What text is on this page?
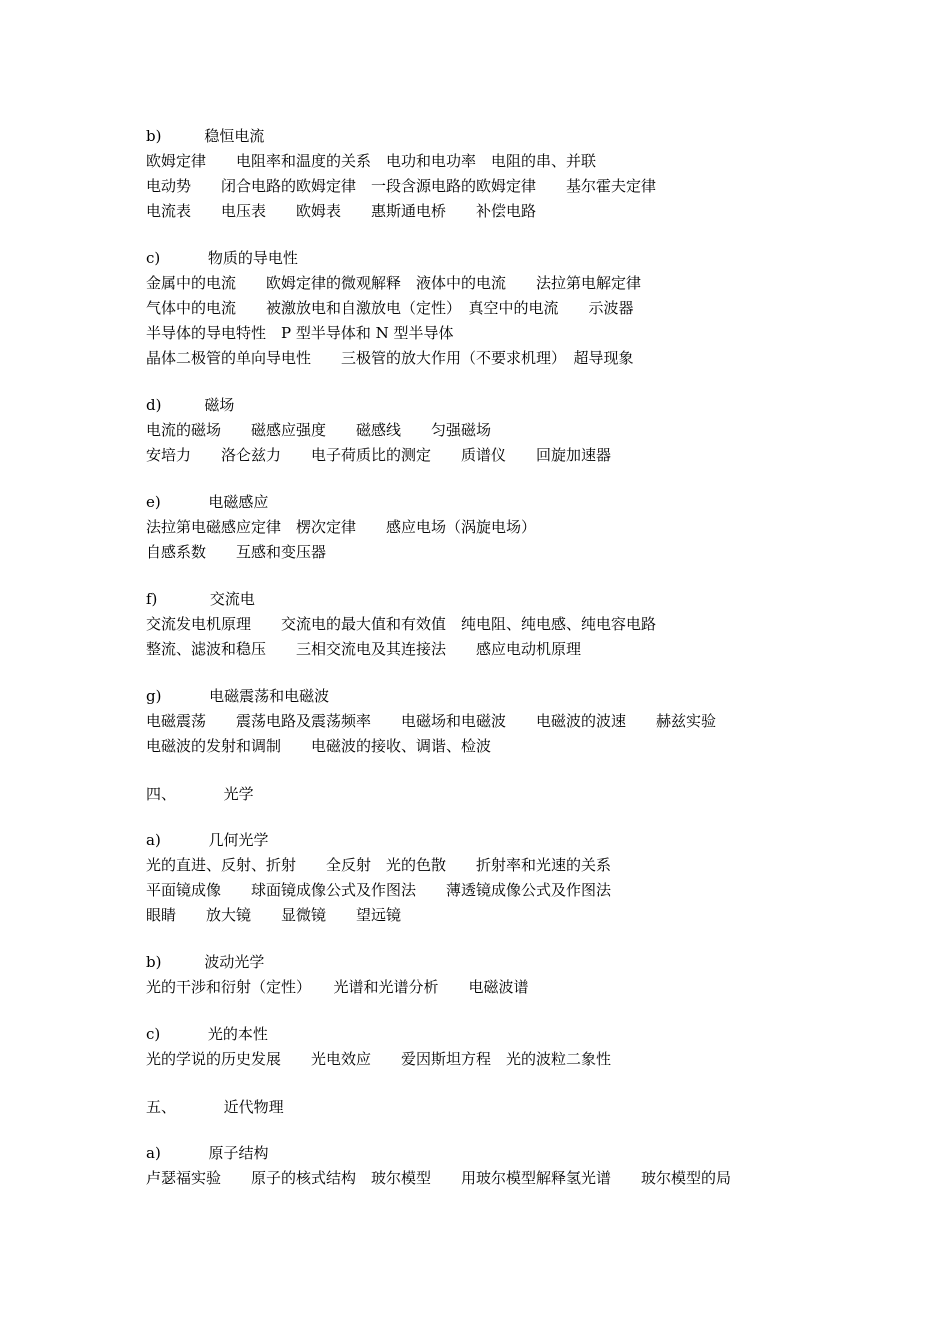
b)         稳恒电流
欧姆定律　　电阻率和温度的关系　电功和电功率　电阻的串、并联
电动势　　闭合电路的欧姆定律　一段含源电路的欧姆定律　　基尔霍夫定律
电流表　　电压表　　欧姆表　　惠斯通电桥　　补偿电路
c)          物质的导电性
金属中的电流　　欧姆定律的微观解释　液体中的电流　　法拉第电解定律
气体中的电流　　被激放电和自激放电（定性）　真空中的电流　　示波器
半导体的导电特性　P 型半导体和 N 型半导体
晶体二极管的单向导电性　　三极管的放大作用（不要求机理）　超导现象
d)         磁场
电流的磁场　　磁感应强度　　磁感线　　匀强磁场
安培力　　洛仑兹力　　电子荷质比的测定　　质谱仪　　回旋加速器
e)          电磁感应
法拉第电磁感应定律　楞次定律　　感应电场（涡旋电场）
自感系数　　互感和变压器
f)           交流电
交流发电机原理　　交流电的最大值和有效值　纯电阻、纯电感、纯电容电路
整流、滤波和稳压　　三相交流电及其连接法　　感应电动机原理
g)          电磁震荡和电磁波
电磁震荡　　震荡电路及震荡频率　　电磁场和电磁波　　电磁波的波速　　赫兹实验
电磁波的发射和调制　　电磁波的接收、调谐、检波
四、          光学
a)          几何光学
光的直进、反射、折射　　全反射　光的色散　　折射率和光速的关系
平面镜成像　　球面镜成像公式及作图法　　薄透镜成像公式及作图法
眼睛　　放大镜　　显微镜　　望远镜
b)         波动光学
光的干涉和衍射（定性）　　光谱和光谱分析　　电磁波谱
c)          光的本性
光的学说的历史发展　　光电效应　　爱因斯坦方程　光的波粒二象性
五、          近代物理
a)          原子结构
卢瑟福实验　　原子的核式结构　玻尔模型　　用玻尔模型解释氢光谱　　玻尔模型的局
